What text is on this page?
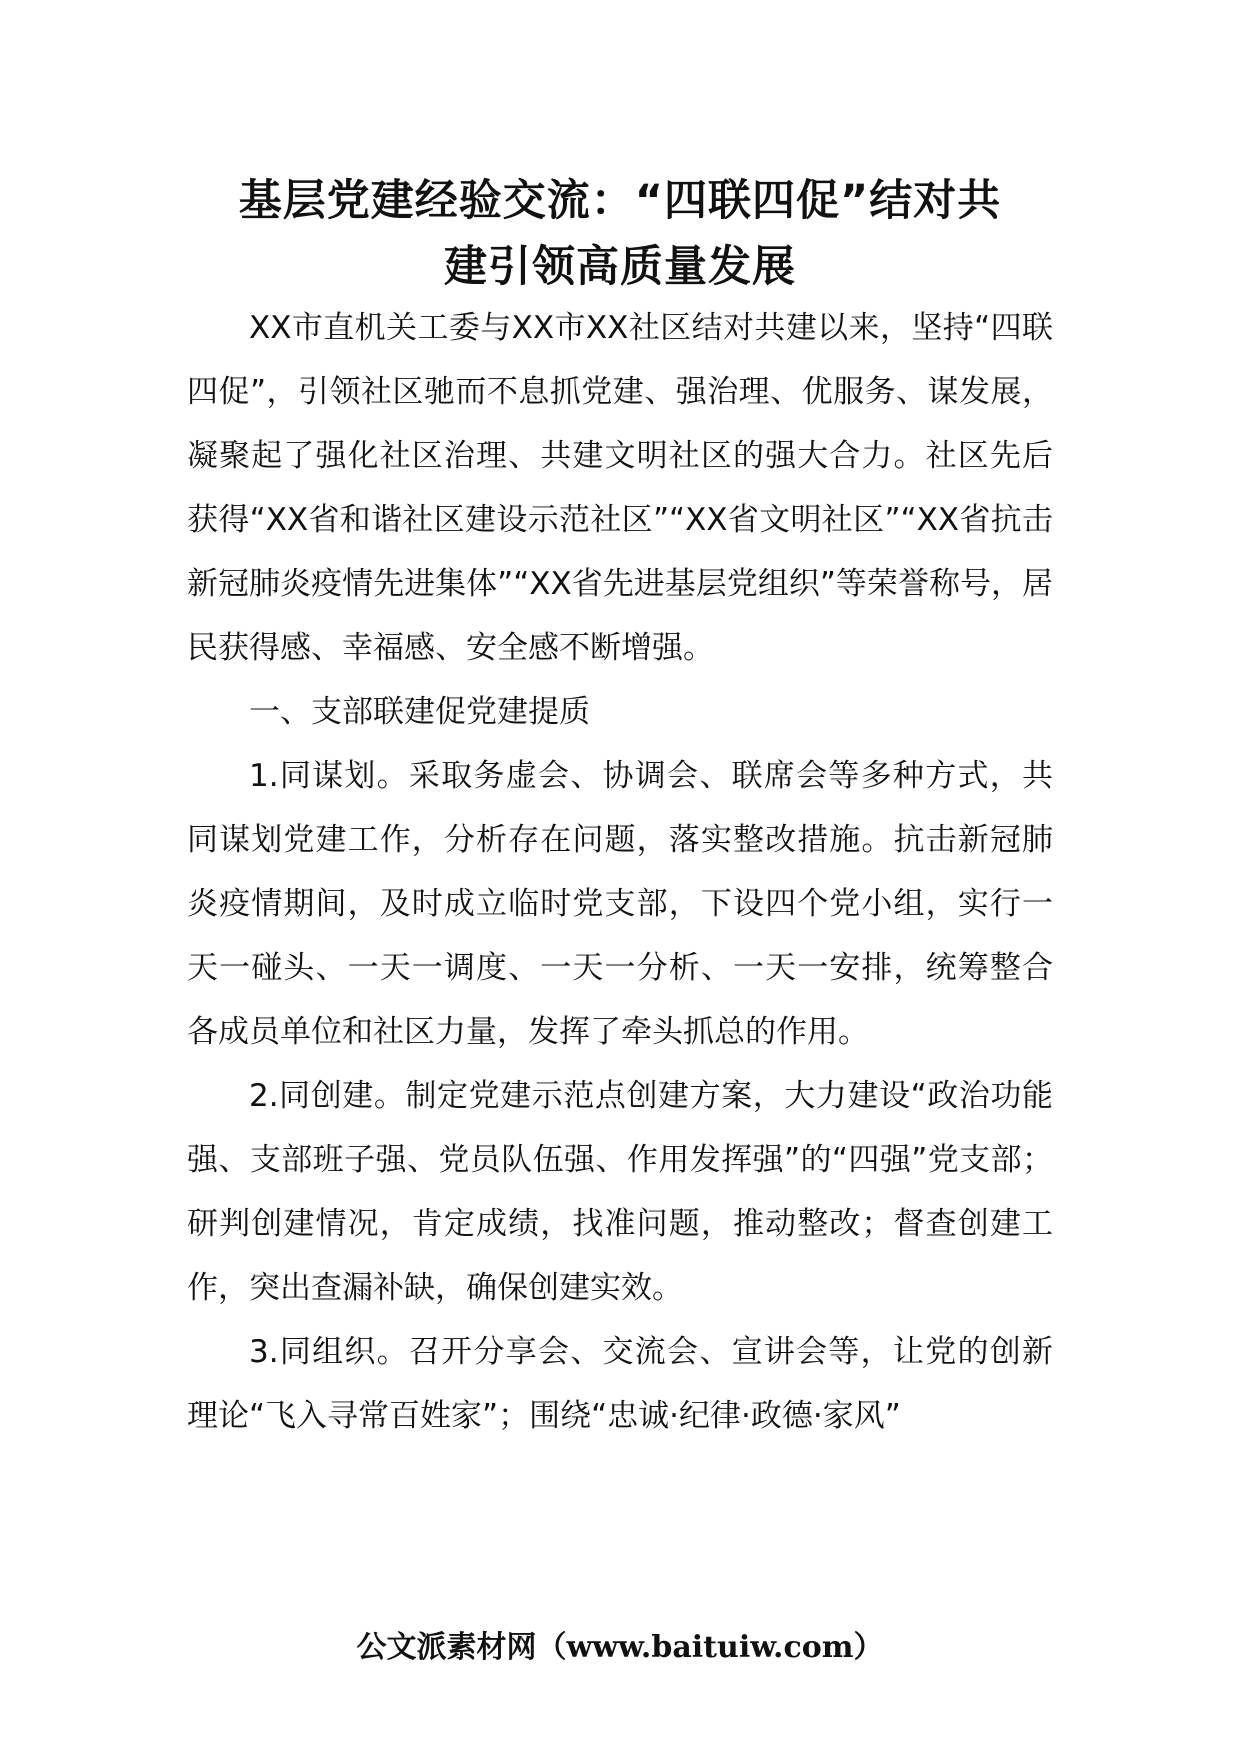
基层党建经验交流：“四联四促”结对共
建引领高质量发展

XX市直机关工委与XX市XX社区结对共建以来，坚持“四联四促”，引领社区驰而不息抓党建、强治理、优服务、谋发展，凝聚起了强化社区治理、共建文明社区的强大合力。社区先后获得“XX省和谐社区建设示范社区”“XX省文明社区”“XX省抗击新冠肺炎疫情先进集体”“XX省先进基层党组织”等荣誉称号，居民获得感、幸福感、安全感不断增强。

一、支部联建促党建提质

1.同谋划。采取务虚会、协调会、联席会等多种方式，共同谋划党建工作，分析存在问题，落实整改措施。抗击新冠肺炎疫情期间，及时成立临时党支部，下设四个党小组，实行一天一碰头、一天一调度、一天一分析、一天一安排，统筹整合各成员单位和社区力量，发挥了牵头抓总的作用。

2.同创建。制定党建示范点创建方案，大力建设“政治功能强、支部班子强、党员队伍强、作用发挥强”的“四强”党支部；研判创建情况，肯定成绩，找准问题，推动整改；督查创建工作，突出查漏补缺，确保创建实效。

3.同组织。召开分享会、交流会、宣讲会等，让党的创新理论“飞入寻常百姓家”；围绕“忠诚·纪律·政德·家风”

公文派素材网（www.baituiw.com）
